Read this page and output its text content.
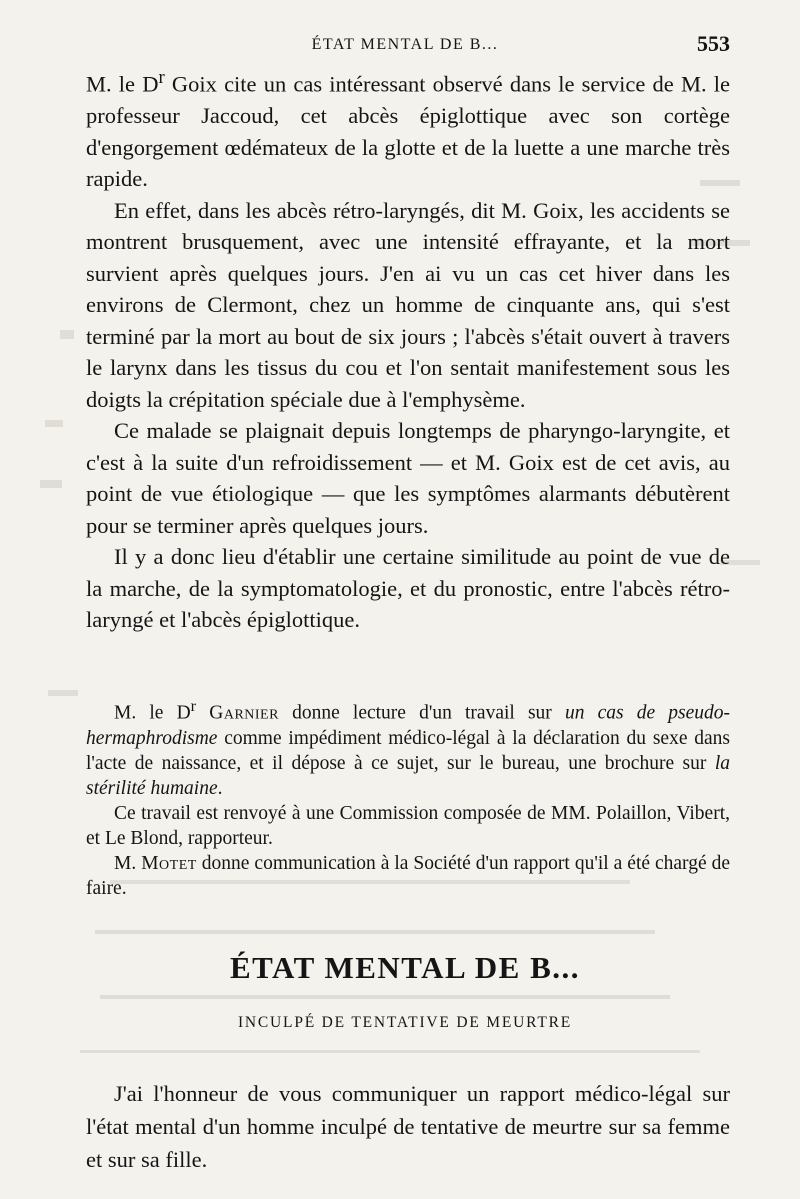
ÉTAT MENTAL DE B...	553

M. le $D^r$ Goix cite un cas intéressant observé dans le service de M. le professeur Jaccoud, cet abcès épiglottique avec son cortège d'engorgement œdémateux de la glotte et de la luette a une marche très rapide.

En effet, dans les abcès rétro-laryngés, dit M. Goix, les accidents se montrent brusquement, avec une intensité effrayante, et la mort survient après quelques jours. J'en ai vu un cas cet hiver dans les environs de Clermont, chez un homme de cinquante ans, qui s'est terminé par la mort au bout de six jours ; l'abcès s'était ouvert à travers le larynx dans les tissus du cou et l'on sentait manifestement sous les doigts la crépitation spéciale due à l'emphysème.

Ce malade se plaignait depuis longtemps de pharyngo-laryngite, et c'est à la suite d'un refroidissement — et M. Goix est de cet avis, au point de vue étiologique — que les symptômes alarmants débutèrent pour se terminer après quelques jours.

Il y a donc lieu d'établir une certaine similitude au point de vue de la marche, de la symptomatologie, et du pronostic, entre l'abcès rétro-laryngé et l'abcès épiglottique.

M. le $D^r$ Garnier donne lecture d'un travail sur un cas de pseudo-hermaphrodisme comme impédiment médico-légal à la déclaration du sexe dans l'acte de naissance, et il dépose à ce sujet, sur le bureau, une brochure sur la stérilité humaine.

Ce travail est renvoyé à une Commission composée de MM. Polaillon, Vibert, et Le Blond, rapporteur.

M. Motet donne communication à la Société d'un rapport qu'il a été chargé de faire.

ÉTAT MENTAL DE B...
INCULPÉ DE TENTATIVE DE MEURTRE

J'ai l'honneur de vous communiquer un rapport médico-légal sur l'état mental d'un homme inculpé de tentative de meurtre sur sa femme et sur sa fille.
